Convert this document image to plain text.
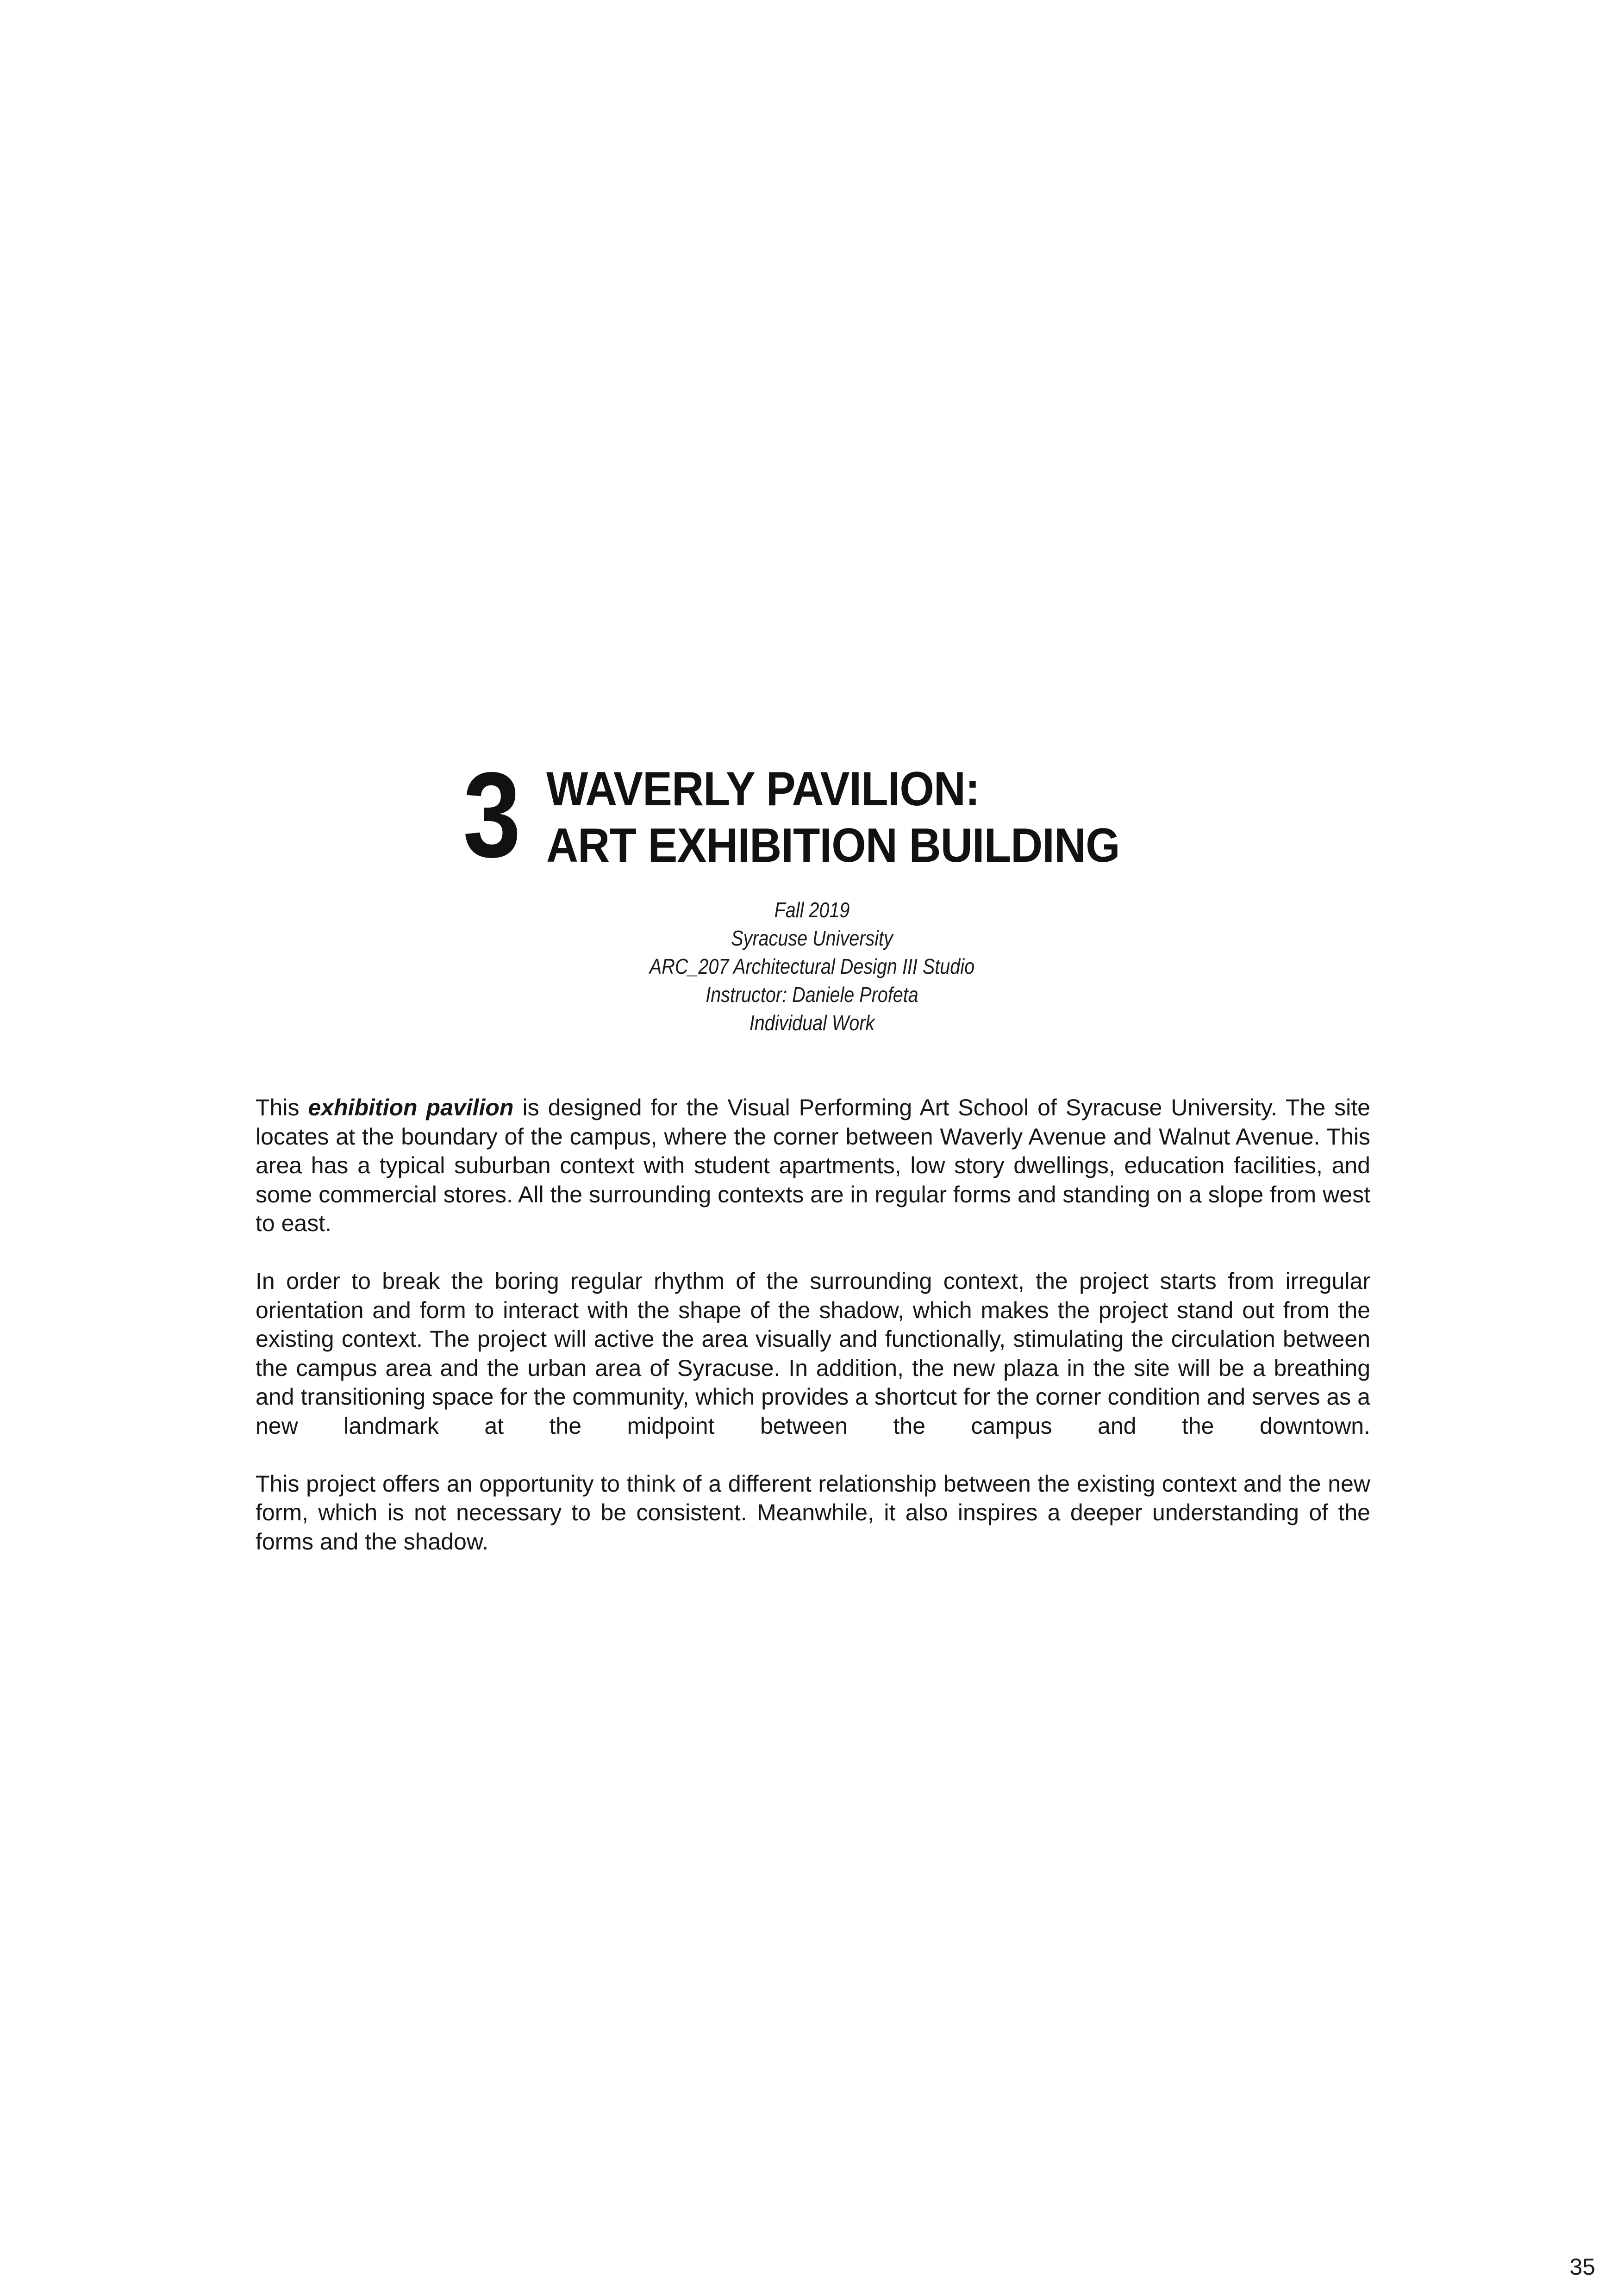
3 WAVERLY PAVILION:
ART EXHIBITION BUILDING
Fall 2019
Syracuse University
ARC_207 Architectural Design III Studio
Instructor: Daniele Profeta
Individual Work

This exhibition pavilion is designed for the Visual Performing Art School of Syracuse University. The site locates at the boundary of the campus, where the corner between Waverly Avenue and Walnut Avenue. This area has a typical suburban context with student apartments, low story dwellings, education facilities, and some commercial stores. All the surrounding contexts are in regular forms and standing on a slope from west to east.

In order to break the boring regular rhythm of the surrounding context, the project starts from irregular orientation and form to interact with the shape of the shadow, which makes the project stand out from the existing context. The project will active the area visually and functionally, stimulating the circulation between the campus area and the urban area of Syracuse. In addition, the new plaza in the site will be a breathing and transitioning space for the community, which provides a shortcut for the corner condition and serves as a new landmark at the midpoint between the campus and the downtown.

This project offers an opportunity to think of a different relationship between the existing context and the new form, which is not necessary to be consistent. Meanwhile, it also inspires a deeper understanding of the forms and the shadow.

35
